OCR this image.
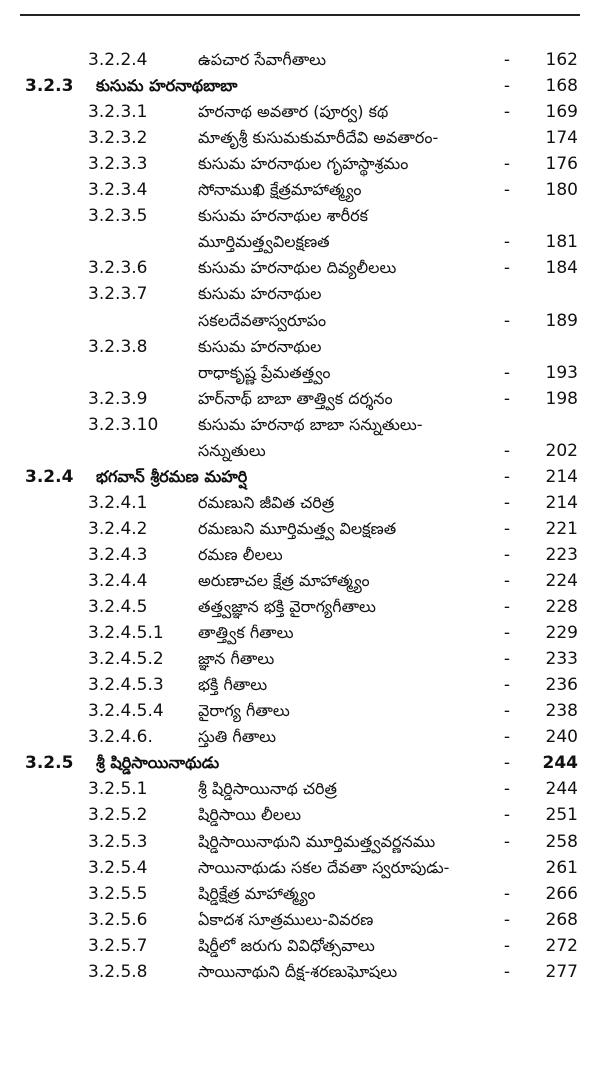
3.2.2.4	ఉపచార సేవాగీతాలు	-	162
3.2.3 కుసుమ హరనాథబాబా	-	168
3.2.3.1	హరనాథ అవతార (పూర్వ) కథ	-	169
3.2.3.2	మాతృశ్రీ కుసుమకుమారీదేవి అవతారం-	174
3.2.3.3	కుసుమ హరనాథుల గృహస్థాశ్రమం	-	176
3.2.3.4	సోనాముఖి క్షేత్రమాహాత్మ్యం	-	180
3.2.3.5	కుసుమ హరనాథుల శారీరక
మూర్తిమత్త్వవిలక్షణత	-	181
3.2.3.6	కుసుమ హరనాథుల దివ్యలీలలు	-	184
3.2.3.7	కుసుమ హరనాథుల
సకలదేవతాస్వరూపం	-	189
3.2.3.8	కుసుమ హరనాథుల
రాధాకృష్ణ ప్రేమతత్త్వం	-	193
3.2.3.9	హర్‌నాథ్ బాబా తాత్త్విక దర్శనం	-	198
3.2.3.10 కుసుమ హరనాథ బాబా సన్నుతులు-
సన్నుతులు	-	202
3.2.4 భగవాన్ శ్రీరమణ మహర్షి	-	214
3.2.4.1	రమణుని జీవిత చరిత్ర	-	214
3.2.4.2	రమణుని మూర్తిమత్త్వ విలక్షణత	-	221
3.2.4.3	రమణ లీలలు	-	223
3.2.4.4	అరుణాచల క్షేత్ర మాహాత్మ్యం	-	224
3.2.4.5	తత్త్వజ్ఞాన భక్తి వైరాగ్యగీతాలు	-	228
3.2.4.5.1 తాత్త్విక గీతాలు	-	229
3.2.4.5.2 జ్ఞాన గీతాలు	-	233
3.2.4.5.3 భక్తి గీతాలు	-	236
3.2.4.5.4 వైరాగ్య గీతాలు	-	238
3.2.4.6.	స్తుతి గీతాలు	-	240
3.2.5 శ్రీ షిర్డిసాయినాథుడు	-	244
3.2.5.1	శ్రీ షిర్డిసాయినాథ చరిత్ర	-	244
3.2.5.2	షిర్డిసాయి లీలలు	-	251
3.2.5.3	షిర్డిసాయినాథుని మూర్తిమత్త్వవర్ణనము	-	258
3.2.5.4	సాయినాథుడు సకల దేవతా స్వరూపుడు-	261
3.2.5.5	షిర్డిక్షేత్ర మాహాత్మ్యం	-	266
3.2.5.6	ఏకాదశ సూత్రములు-వివరణ	-	268
3.2.5.7	షిర్డీలో జరుగు వివిధోత్సవాలు	-	272
3.2.5.8	సాయినాథుని దీక్ష-శరణుఘోషలు	-	277
